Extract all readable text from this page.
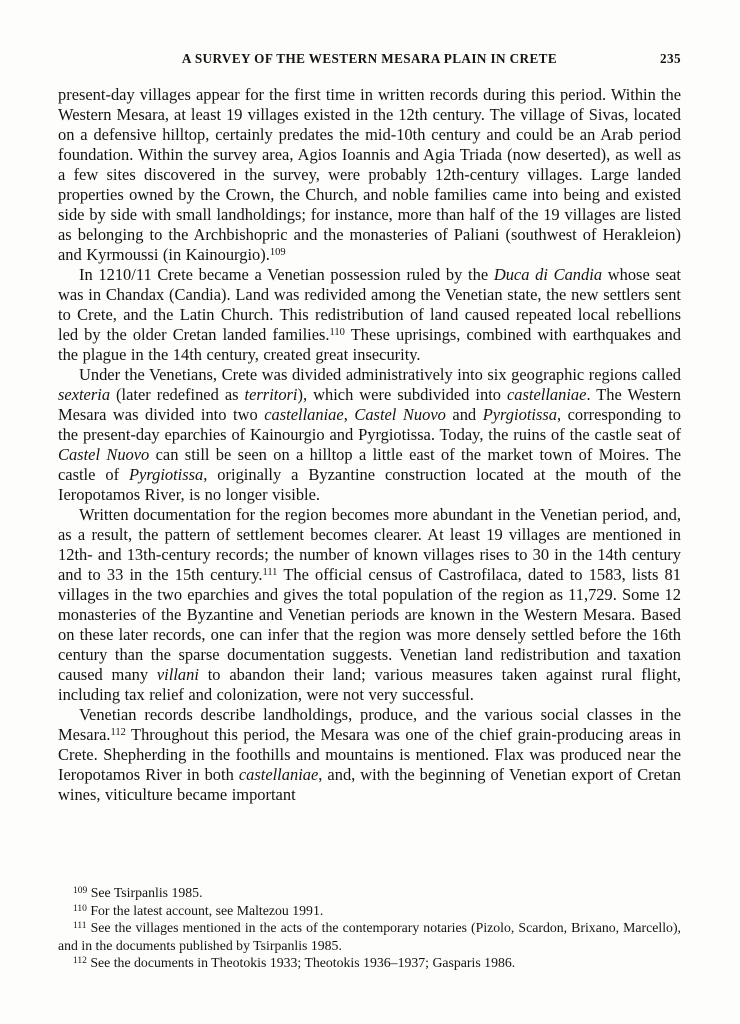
A SURVEY OF THE WESTERN MESARA PLAIN IN CRETE	235

present-day villages appear for the first time in written records during this period. Within the Western Mesara, at least 19 villages existed in the 12th century. The village of Sivas, located on a defensive hilltop, certainly predates the mid-10th century and could be an Arab period foundation. Within the survey area, Agios Ioannis and Agia Triada (now deserted), as well as a few sites discovered in the survey, were probably 12th-century villages. Large landed properties owned by the Crown, the Church, and noble families came into being and existed side by side with small landholdings; for instance, more than half of the 19 villages are listed as belonging to the Archbishopric and the monasteries of Paliani (southwest of Herakleion) and Kyrmoussi (in Kainourgio).$^{109}$

In 1210/11 Crete became a Venetian possession ruled by the Duca di Candia whose seat was in Chandax (Candia). Land was redivided among the Venetian state, the new settlers sent to Crete, and the Latin Church. This redistribution of land caused repeated local rebellions led by the older Cretan landed families.$^{110}$ These uprisings, combined with earthquakes and the plague in the 14th century, created great insecurity.

Under the Venetians, Crete was divided administratively into six geographic regions called sexteria (later redefined as territori), which were subdivided into castellaniae. The Western Mesara was divided into two castellaniae, Castel Nuovo and Pyrgiotissa, corresponding to the present-day eparchies of Kainourgio and Pyrgiotissa. Today, the ruins of the castle seat of Castel Nuovo can still be seen on a hilltop a little east of the market town of Moires. The castle of Pyrgiotissa, originally a Byzantine construction located at the mouth of the Ieropotamos River, is no longer visible.

Written documentation for the region becomes more abundant in the Venetian period, and, as a result, the pattern of settlement becomes clearer. At least 19 villages are mentioned in 12th- and 13th-century records; the number of known villages rises to 30 in the 14th century and to 33 in the 15th century.$^{111}$ The official census of Castrofilaca, dated to 1583, lists 81 villages in the two eparchies and gives the total population of the region as 11,729. Some 12 monasteries of the Byzantine and Venetian periods are known in the Western Mesara. Based on these later records, one can infer that the region was more densely settled before the 16th century than the sparse documentation suggests. Venetian land redistribution and taxation caused many villani to abandon their land; various measures taken against rural flight, including tax relief and colonization, were not very successful.

Venetian records describe landholdings, produce, and the various social classes in the Mesara.$^{112}$ Throughout this period, the Mesara was one of the chief grain-producing areas in Crete. Shepherding in the foothills and mountains is mentioned. Flax was produced near the Ieropotamos River in both castellaniae, and, with the beginning of Venetian export of Cretan wines, viticulture became important

$^{109}$ See Tsirpanlis 1985.

$^{110}$ For the latest account, see Maltezou 1991.

$^{111}$ See the villages mentioned in the acts of the contemporary notaries (Pizolo, Scardon, Brixano, Marcello), and in the documents published by Tsirpanlis 1985.

$^{112}$ See the documents in Theotokis 1933; Theotokis 1936–1937; Gasparis 1986.
